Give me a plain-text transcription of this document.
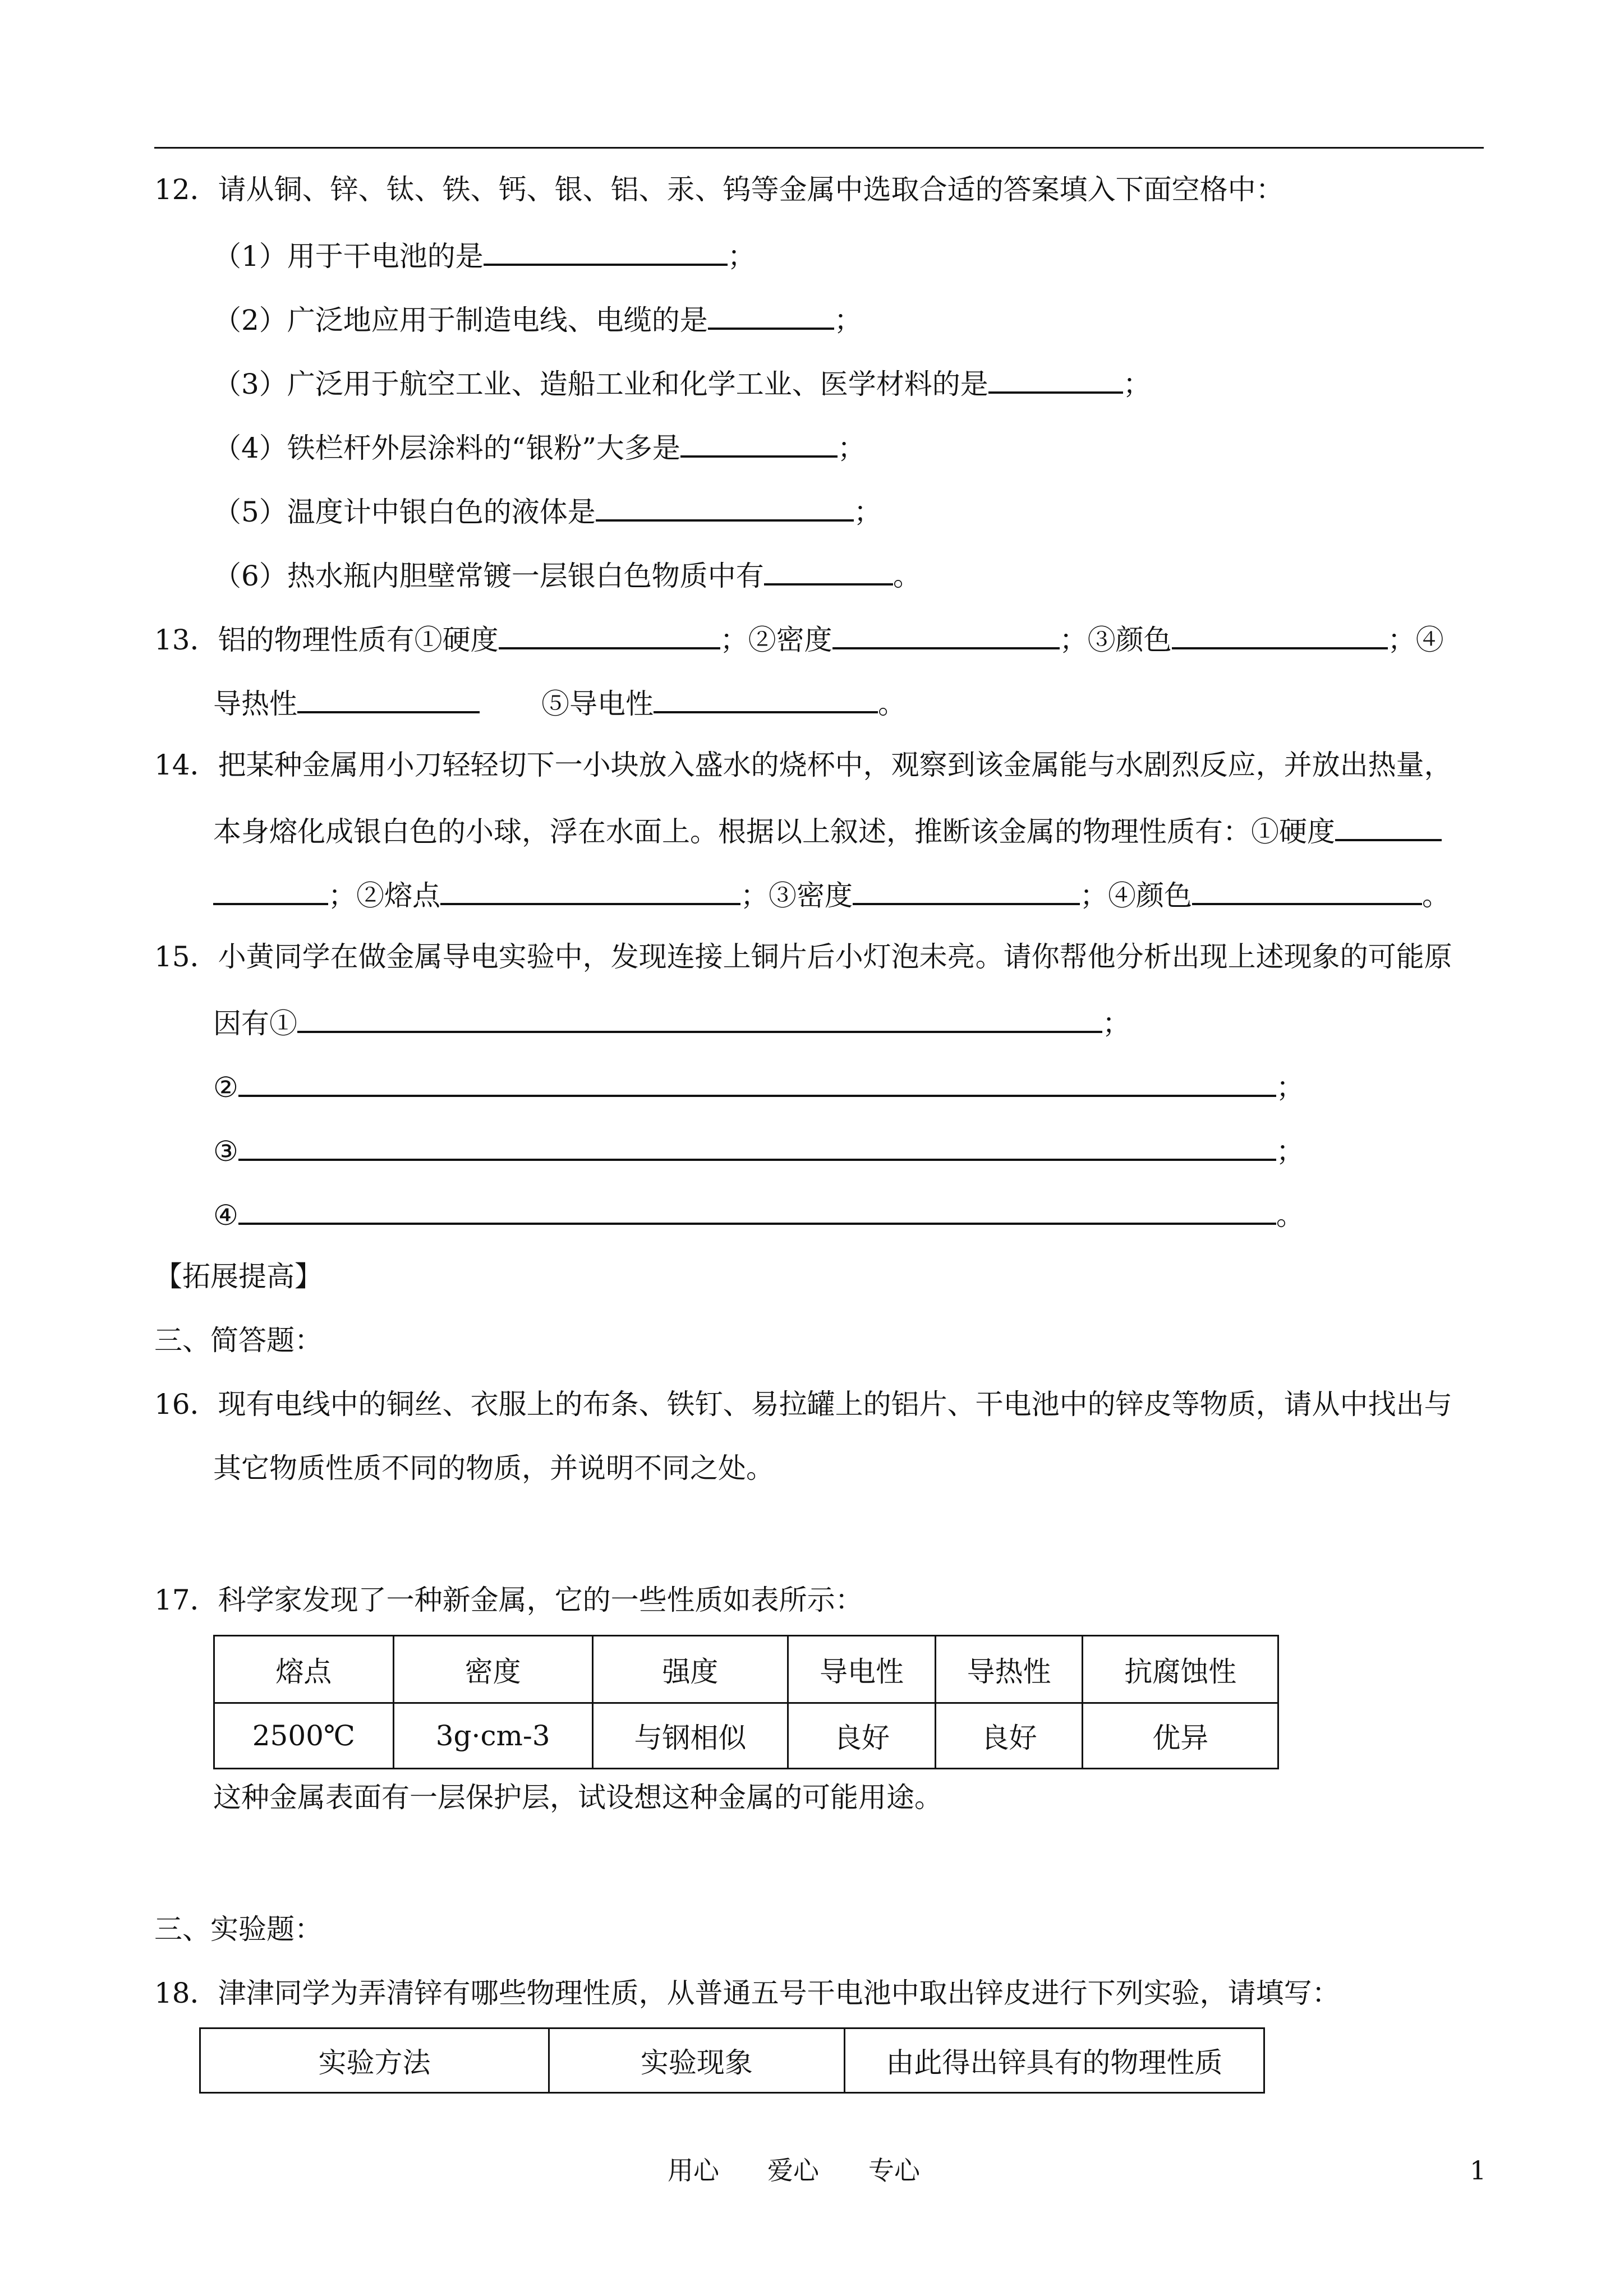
12．请从铜、锌、钛、铁、钙、银、铝、汞、钨等金属中选取合适的答案填入下面空格中：
（1）用于干电池的是	；
（2）广泛地应用于制造电线、电缆的是	；
（3）广泛用于航空工业、造船工业和化学工业、医学材料的是	；
（4）铁栏杆外层涂料的“银粉”大多是	；
（5）温度计中银白色的液体是	；
（6）热水瓶内胆壁常镀一层银白色物质中有	。
13．铝的物理性质有①硬度	；②密度	；③颜色	；④
导热性	⑤导电性	。
14．把某种金属用小刀轻轻切下一小块放入盛水的烧杯中，观察到该金属能与水剧烈反应，并放出热量，
本身熔化成银白色的小球，浮在水面上。根据以上叙述，推断该金属的物理性质有：①硬度
；②熔点	；③密度	；④颜色	。
15．小黄同学在做金属导电实验中，发现连接上铜片后小灯泡未亮。请你帮他分析出现上述现象的可能原
因有①	；
②	；
③	；
④	。
【拓展提高】
三、简答题：
16．现有电线中的铜丝、衣服上的布条、铁钉、易拉罐上的铝片、干电池中的锌皮等物质，请从中找出与
其它物质性质不同的物质，并说明不同之处。
17．科学家发现了一种新金属，它的一些性质如表所示：
熔点	密度	强度	导电性	导热性	抗腐蚀性
2500℃	3g·cm-3	与钢相似	良好	良好	优异
这种金属表面有一层保护层，试设想这种金属的可能用途。
三、实验题：
18．津津同学为弄清锌有哪些物理性质，从普通五号干电池中取出锌皮进行下列实验，请填写：
实验方法	实验现象	由此得出锌具有的物理性质
用心 爱心 专心	1
